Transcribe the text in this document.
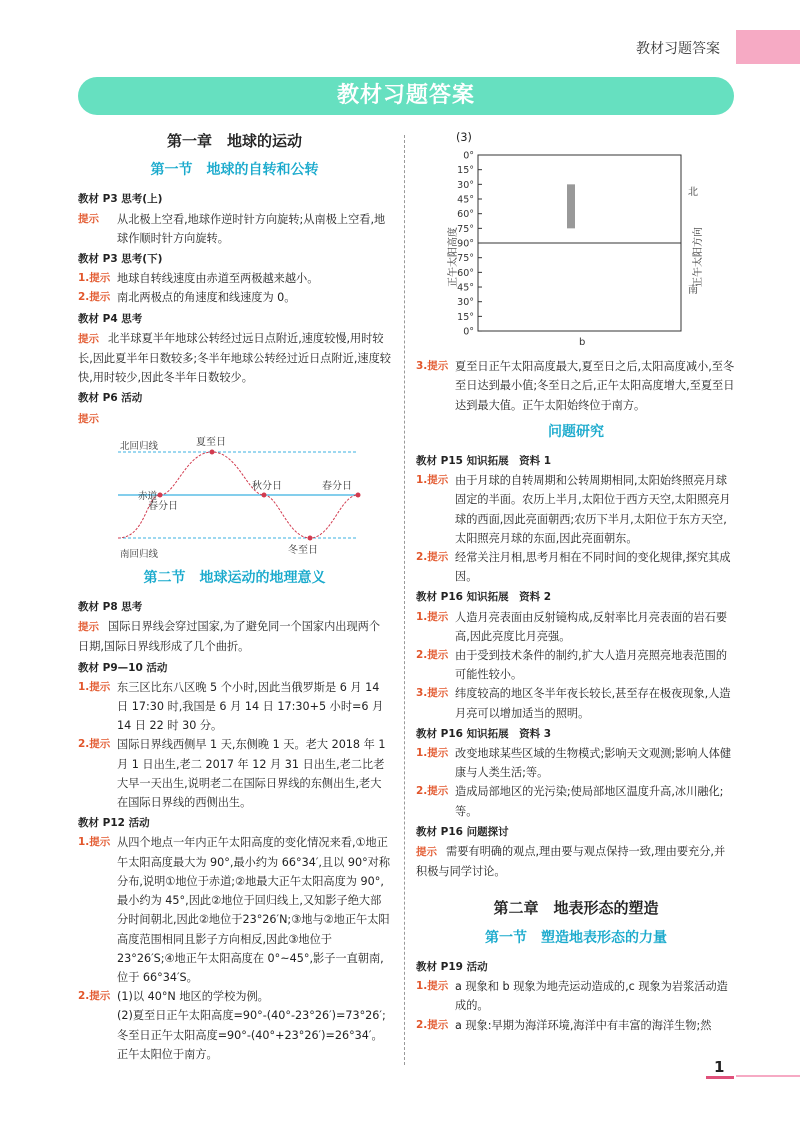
教材习题答案
教材习题答案
第一章　地球的运动
第一节　地球的自转和公转
教材 P3 思考(上)
提示 从北极上空看,地球作逆时针方向旋转;从南极上空看,地球作顺时针方向旋转。
教材 P3 思考(下)
1.提示 地球自转线速度由赤道至两极越来越小。
2.提示 南北两极点的角速度和线速度为 0。
教材 P4 思考
提示 北半球夏半年地球公转经过远日点附近,速度较慢,用时较长,因此夏半年日数较多;冬半年地球公转经过近日点附近,速度较快,用时较少,因此冬半年日数较少。
教材 P6 活动
提示
北回归线
赤道
南回归线
夏至日
秋分日	春分日
冬至日
春分日
第二节　地球运动的地理意义
教材 P8 思考
提示 国际日界线会穿过国家,为了避免同一个国家内出现两个日期,国际日界线形成了几个曲折。
教材 P9—10 活动
1.提示 东三区比东八区晚 5 个小时,因此当俄罗斯是 6 月 14 日 17:30 时,我国是 6 月 14 日 17:30+5 小时=6 月 14 日 22 时 30 分。
2.提示 国际日界线西侧早 1 天,东侧晚 1 天。老大 2018 年 1 月 1 日出生,老二 2017 年 12 月 31 日出生,老二比老大早一天出生,说明老二在国际日界线的东侧出生,老大在国际日界线的西侧出生。
教材 P12 活动
1.提示 从四个地点一年内正午太阳高度的变化情况来看,①地正午太阳高度最大为 90°,最小约为 66°34′,且以 90°对称分布,说明①地位于赤道;②地最大正午太阳高度为 90°,最小约为 45°,因此②地位于回归线上,又知影子绝大部分时间朝北,因此②地位于23°26′N;③地与②地正午太阳高度范围相同且影子方向相反,因此③地位于 23°26′S;④地正午太阳高度在 0°~45°,影子一直朝南,位于 66°34′S。
2.提示 (1)以 40°N 地区的学校为例。
(2)夏至日正午太阳高度=90°-(40°-23°26′)=73°26′;冬至日正午太阳高度=90°-(40°+23°26′)=26°34′。正午太阳位于南方。
(3)
0°
15°
30°
45°
60°
75°
90°
75°
60°
45°
30°
15°
0°
正午太阳高度	正午太阳方向
北
南
b
3.提示 夏至日正午太阳高度最大,夏至日之后,太阳高度减小,至冬至日达到最小值;冬至日之后,正午太阳高度增大,至夏至日达到最大值。正午太阳始终位于南方。
问题研究
教材 P15 知识拓展　资料 1
1.提示 由于月球的自转周期和公转周期相同,太阳始终照亮月球固定的半面。农历上半月,太阳位于西方天空,太阳照亮月球的西面,因此亮面朝西;农历下半月,太阳位于东方天空,太阳照亮月球的东面,因此亮面朝东。
2.提示 经常关注月相,思考月相在不同时间的变化规律,探究其成因。
教材 P16 知识拓展　资料 2
1.提示 人造月亮表面由反射镜构成,反射率比月亮表面的岩石要高,因此亮度比月亮强。
2.提示 由于受到技术条件的制约,扩大人造月亮照亮地表范围的可能性较小。
3.提示 纬度较高的地区冬半年夜长较长,甚至存在极夜现象,人造月亮可以增加适当的照明。
教材 P16 知识拓展　资料 3
1.提示 改变地球某些区域的生物模式;影响天文观测;影响人体健康与人类生活;等。
2.提示 造成局部地区的光污染;使局部地区温度升高,冰川融化;等。
教材 P16 问题探讨
提示 需要有明确的观点,理由要与观点保持一致,理由要充分,并积极与同学讨论。
第二章　地表形态的塑造
第一节　塑造地表形态的力量
教材 P19 活动
1.提示 a 现象和 b 现象为地壳运动造成的,c 现象为岩浆活动造成的。
2.提示 a 现象:早期为海洋环境,海洋中有丰富的海洋生物;然
1
